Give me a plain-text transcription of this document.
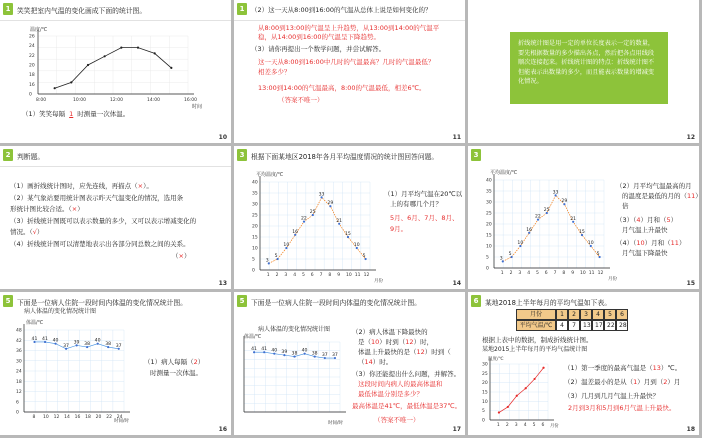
1 笑笑把室内气温的变化画成下面的统计图。
温度/℃
8:00	10:00	12:00	14:00	16:00
0
16
18
20
22
24
26
时间
（1）笑笑每隔 1 时测量一次体温。
10
1	（2）这一天从8:00到16:00的气温从总体上说是如何变化的？
从8:00到13:00的气温呈上升趋势，从13:00到14:00的气温平
稳，从14:00到16:00的气温呈下降趋势。
（3）请你再提出一个数学问题，并尝试解答。
这一天从8:00到16:00中几时的气温最高？几时的气温最低？
相差多少？
13:00到14:00的气温最高，8:00的气温最低，相差6℃。
（答案不唯一）
11
折线统计图是用一定的单位长度表示一定的数量，要先根据数量的多少描出各点，然后把各点用线段顺次连接起来。折线统计图的特点：折线统计图不但能表示出数量的多少，而且能表示数量的增减变化情况。
12
2 判断题。
（1）画折线统计图时，应先连线，再描点（×）。
（2）某气象站要用统计图表示昨天气温变化的情况，选用条
形统计图比较合适。（×）
（3）折线统计图既可以表示数量的多少，又可以表示增减变化的
情况。（√）
（4）折线统计图可以清楚地表示出各部分同总数之间的关系。
（×）
13
3 根据下面某地区2018年各月平均温度情况的统计图回答问题。
平均温度/℃
3
5
10
16
22
25
33
29
21
15
10
5
1 2 3 4 5 6 7 8 9 10 11 12
0
5
10
15
20
25
30
35
40
月份
（1）月平均气温在20℃以
上的有哪几个月？
5月、6月、7月、8月、
9月。
14
3
平均温度/℃
3
5
10
16
22
25
33
29
21
15
10
5
1 2 3 4 5 6 7 8 9 10 11 12
0
5
10
15
20
25
30
35
40
月份
（2）月平均气温最高的月
的温度是最低的月的（11）
倍
（3）（4）月和（5）
月气温上升最快
（4）（10）月和（11）
月气温下降最快
15
5 下面是一位病人住院一段时间内体温的变化情况统计图。
病人体温的变化情况统计图
体温/℃
41 41 40
37
39 38
40
38 37
8 10 12 14 16 18 20 22 24
0
6
12
18
24
30
36
42
48
时间/时
（1）病人每隔（2）
时测量一次体温。
16
5 下面是一位病人住院一段时间内体温的变化情况统计图。
病人体温的变化情况统计图
体温/℃
41 41 40 39 38
40
38 37 37
时间/时
（2）病人体温下降最快的
是（10）时到（12）时，
体温上升最快的是（12）时到（
（14）时。
（3）你还能提出什么问题，并解答。
这段时间内病人的最高体温和
最低体温分别是多少？
最高体温是41℃，最低体温是37℃。
（答案不唯一）
17
6 某地2018上半年每月的平均气温如下表。
月份	1 2 3 4 5 6
平均气温/℃ 4 7 13 17 22 28
根据上表中的数据，制成折线统计图。
某地2015上半年每月的平均气温统计图
温度/℃
1 2 3 4 5 6
0
5
10
15
20
25
30
月份
（1）第一季度的最高气温是（13）℃。
（2）温差最小的是从（1）月到（2）月
（3）几月到几月气温上升最快？
2月到3月和5月到6月气温上升最快。
18
